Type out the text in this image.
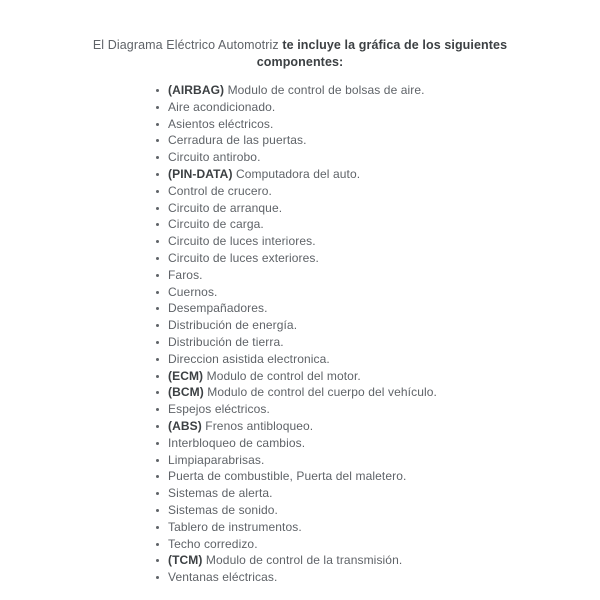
El Diagrama Eléctrico Automotriz te incluye la gráfica de los siguientes
componentes:
(AIRBAG) Modulo de control de bolsas de aire.
Aire acondicionado.
Asientos eléctricos.
Cerradura de las puertas.
Circuito antirobo.
(PIN-DATA) Computadora del auto.
Control de crucero.
Circuito de arranque.
Circuito de carga.
Circuito de luces interiores.
Circuito de luces exteriores.
Faros.
Cuernos.
Desempañadores.
Distribución de energía.
Distribución de tierra.
Direccion asistida electronica.
(ECM) Modulo de control del motor.
(BCM) Modulo de control del cuerpo del vehículo.
Espejos eléctricos.
(ABS) Frenos antibloqueo.
Interbloqueo de cambios.
Limpiaparabrisas.
Puerta de combustible, Puerta del maletero.
Sistemas de alerta.
Sistemas de sonido.
Tablero de instrumentos.
Techo corredizo.
(TCM) Modulo de control de la transmisión.
Ventanas eléctricas.
